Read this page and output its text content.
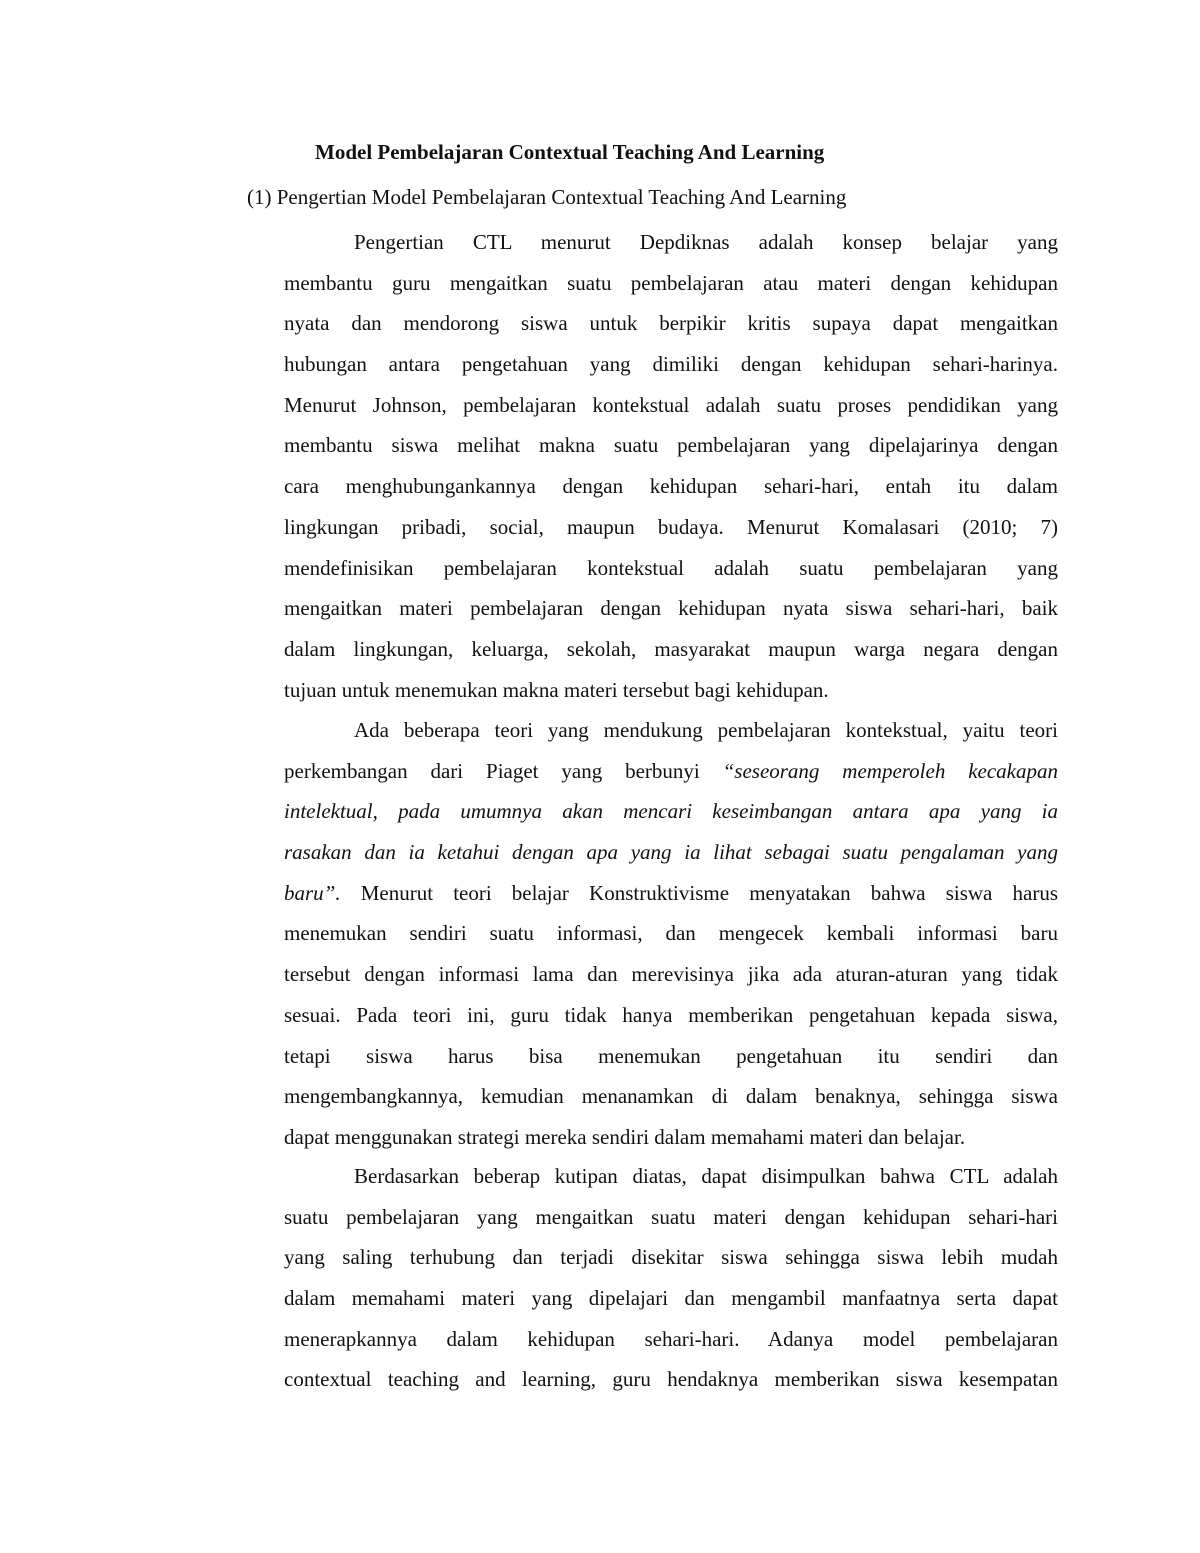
Model Pembelajaran Contextual Teaching And Learning

(1) Pengertian Model Pembelajaran Contextual Teaching And Learning

Pengertian CTL menurut Depdiknas adalah konsep belajar yang
membantu guru mengaitkan suatu pembelajaran atau materi dengan kehidupan
nyata dan mendorong siswa untuk berpikir kritis supaya dapat mengaitkan
hubungan antara pengetahuan yang dimiliki dengan kehidupan sehari-harinya.
Menurut Johnson, pembelajaran kontekstual adalah suatu proses pendidikan yang
membantu siswa melihat makna suatu pembelajaran yang dipelajarinya dengan
cara menghubungankannya dengan kehidupan sehari-hari, entah itu dalam
lingkungan pribadi, social, maupun budaya. Menurut Komalasari (2010; 7)
mendefinisikan pembelajaran kontekstual adalah suatu pembelajaran yang
mengaitkan materi pembelajaran dengan kehidupan nyata siswa sehari-hari, baik
dalam lingkungan, keluarga, sekolah, masyarakat maupun warga negara dengan
tujuan untuk menemukan makna materi tersebut bagi kehidupan.
Ada beberapa teori yang mendukung pembelajaran kontekstual, yaitu teori
perkembangan dari Piaget yang berbunyi “seseorang memperoleh kecakapan
intelektual, pada umumnya akan mencari keseimbangan antara apa yang ia
rasakan dan ia ketahui dengan apa yang ia lihat sebagai suatu pengalaman yang
baru”. Menurut teori belajar Konstruktivisme menyatakan bahwa siswa harus
menemukan sendiri suatu informasi, dan mengecek kembali informasi baru
tersebut dengan informasi lama dan merevisinya jika ada aturan-aturan yang tidak
sesuai. Pada teori ini, guru tidak hanya memberikan pengetahuan kepada siswa,
tetapi siswa harus bisa menemukan pengetahuan itu sendiri dan
mengembangkannya, kemudian menanamkan di dalam benaknya, sehingga siswa
dapat menggunakan strategi mereka sendiri dalam memahami materi dan belajar.
Berdasarkan beberap kutipan diatas, dapat disimpulkan bahwa CTL adalah
suatu pembelajaran yang mengaitkan suatu materi dengan kehidupan sehari-hari
yang saling terhubung dan terjadi disekitar siswa sehingga siswa lebih mudah
dalam memahami materi yang dipelajari dan mengambil manfaatnya serta dapat
menerapkannya dalam kehidupan sehari-hari. Adanya model pembelajaran
contextual teaching and learning, guru hendaknya memberikan siswa kesempatan
